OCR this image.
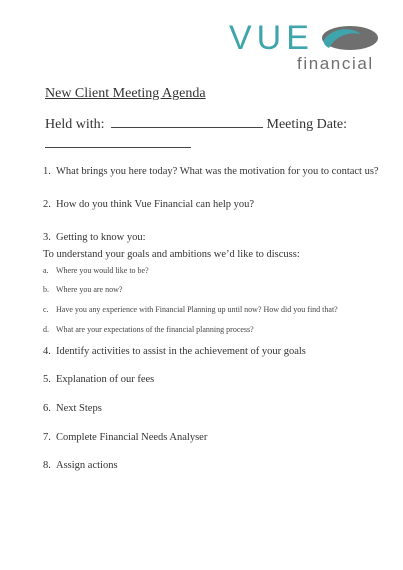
VUE
financial
New Client Meeting Agenda
Held with:	Meeting Date:
1. What brings you here today? What was the motivation for you to contact us?
2. How do you think Vue Financial can help you?
3. Getting to know you:
To understand your goals and ambitions we’d like to discuss:
a. Where you would like to be?
b. Where you are now?
c. Have you any experience with Financial Planning up until now? How did you find that?
d. What are your expectations of the financial planning process?
4. Identify activities to assist in the achievement of your goals
5. Explanation of our fees
6. Next Steps
7. Complete Financial Needs Analyser
8. Assign actions
